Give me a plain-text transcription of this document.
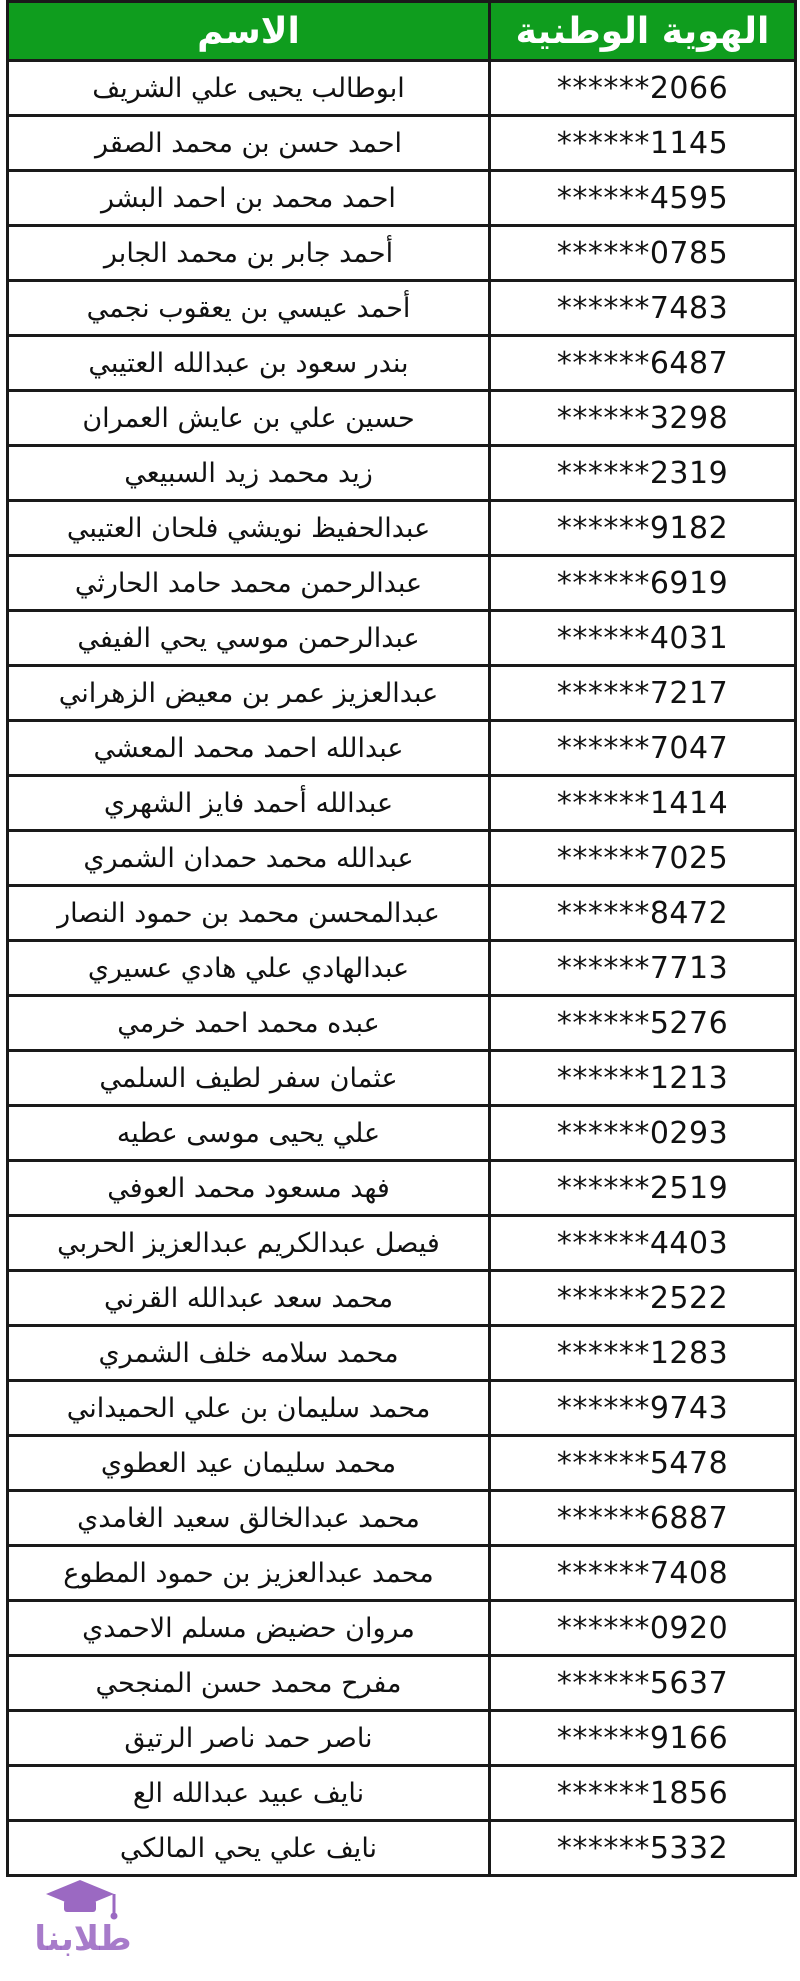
الاسم	الهوية الوطنية
ابوطالب يحيى علي الشريف	******2066
احمد حسن بن محمد الصقر	******1145
احمد محمد بن احمد البشر	******4595
أحمد جابر بن محمد الجابر	******0785
أحمد عيسي بن يعقوب نجمي	******7483
بندر سعود بن عبدالله العتيبي	******6487
حسين علي بن عايش العمران	******3298
زيد محمد زيد السبيعي	******2319
عبدالحفيظ نويشي فلحان العتيبي	******9182
عبدالرحمن محمد حامد الحارثي	******6919
عبدالرحمن موسي يحي الفيفي	******4031
عبدالعزيز عمر بن معيض الزهراني	******7217
عبدالله احمد محمد المعشي	******7047
عبدالله أحمد فايز الشهري	******1414
عبدالله محمد حمدان الشمري	******7025
عبدالمحسن محمد بن حمود النصار	******8472
عبدالهادي علي هادي عسيري	******7713
عبده محمد احمد خرمي	******5276
عثمان سفر لطيف السلمي	******1213
علي يحيى موسى عطيه	******0293
فهد مسعود محمد العوفي	******2519
فيصل عبدالكريم عبدالعزيز الحربي	******4403
محمد سعد عبدالله القرني	******2522
محمد سلامه خلف الشمري	******1283
محمد سليمان بن علي الحميداني	******9743
محمد سليمان عيد العطوي	******5478
محمد عبدالخالق سعيد الغامدي	******6887
محمد عبدالعزيز بن حمود المطوع	******7408
مروان حضيض مسلم الاحمدي	******0920
مفرح محمد حسن المنجحي	******5637
ناصر حمد ناصر الرتيق	******9166
نايف عبيد عبدالله الع	******1856
نايف علي يحي المالكي	******5332
طلابنا
